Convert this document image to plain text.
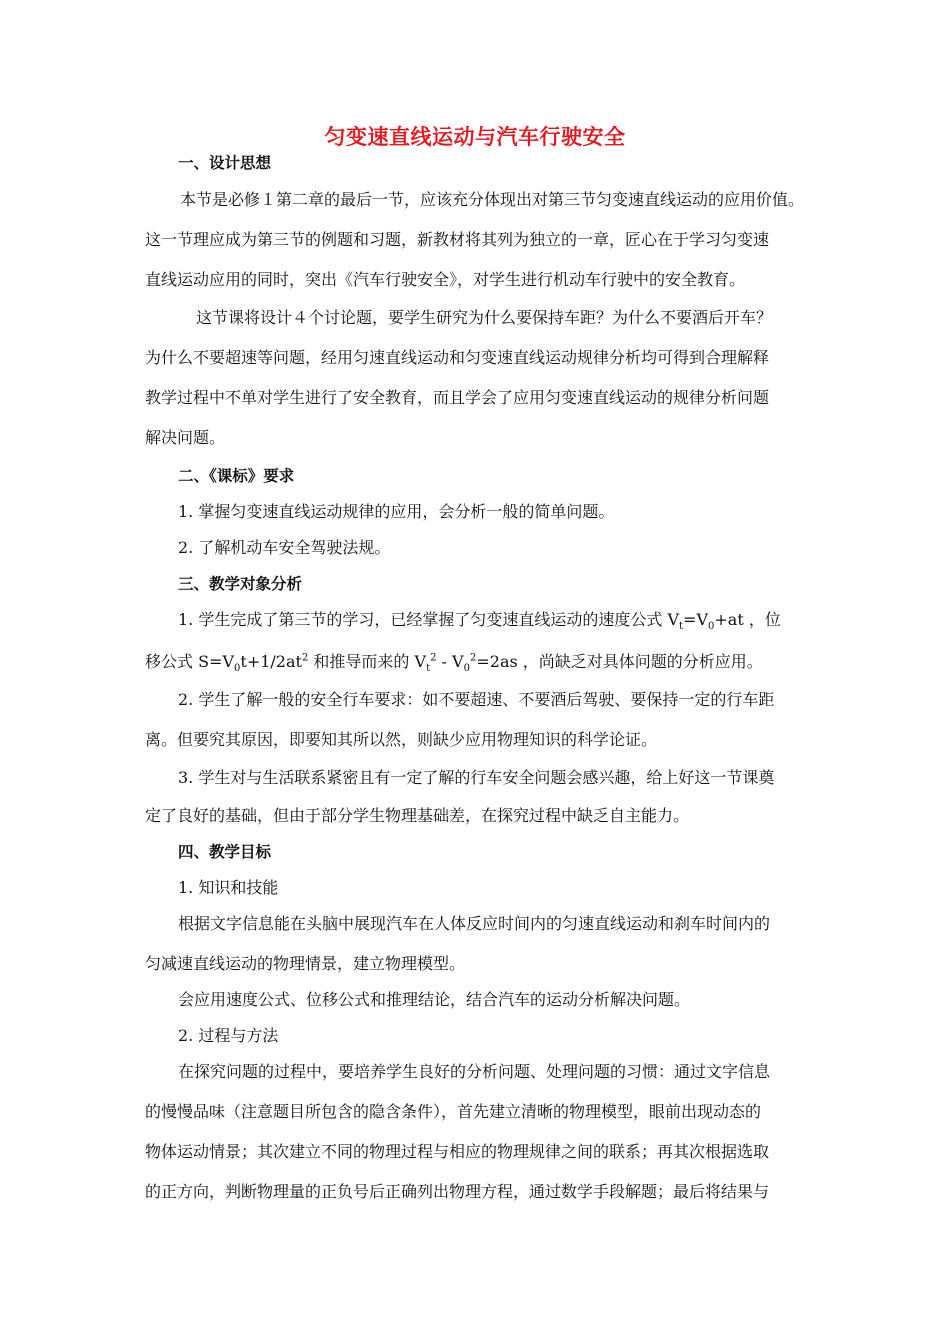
匀变速直线运动与汽车行驶安全
一、设计思想
本节是必修１第二章的最后一节，应该充分体现出对第三节匀变速直线运动的应用价值。
这一节理应成为第三节的例题和习题，新教材将其列为独立的一章，匠心在于学习匀变速
直线运动应用的同时，突出《汽车行驶安全》，对学生进行机动车行驶中的安全教育。
这节课将设计４个讨论题，要学生研究为什么要保持车距？为什么不要酒后开车？
为什么不要超速等问题，经用匀速直线运动和匀变速直线运动规律分析均可得到合理解释
教学过程中不单对学生进行了安全教育，而且学会了应用匀变速直线运动的规律分析问题
解决问题。
二、《课标》要求
1. 掌握匀变速直线运动规律的应用，会分析一般的简单问题。
2. 了解机动车安全驾驶法规。
三、教学对象分析
1. 学生完成了第三节的学习，已经掌握了匀变速直线运动的速度公式 $V_t=V_0+at$ ，位
移公式 $S=V_0t+1/2at^2$ 和推导而来的 $V_t^2 - V_0^2=2as$ ，尚缺乏对具体问题的分析应用。
2. 学生了解一般的安全行车要求：如不要超速、不要酒后驾驶、要保持一定的行车距
离。但要究其原因，即要知其所以然，则缺少应用物理知识的科学论证。
3. 学生对与生活联系紧密且有一定了解的行车安全问题会感兴趣，给上好这一节课奠
定了良好的基础，但由于部分学生物理基础差，在探究过程中缺乏自主能力。
四、教学目标
1. 知识和技能
根据文字信息能在头脑中展现汽车在人体反应时间内的匀速直线运动和刹车时间内的
匀减速直线运动的物理情景，建立物理模型。
会应用速度公式、位移公式和推理结论，结合汽车的运动分析解决问题。
2. 过程与方法
在探究问题的过程中，要培养学生良好的分析问题、处理问题的习惯：通过文字信息
的慢慢品味（注意题目所包含的隐含条件），首先建立清晰的物理模型，眼前出现动态的
物体运动情景；其次建立不同的物理过程与相应的物理规律之间的联系；再其次根据选取
的正方向，判断物理量的正负号后正确列出物理方程，通过数学手段解题；最后将结果与
